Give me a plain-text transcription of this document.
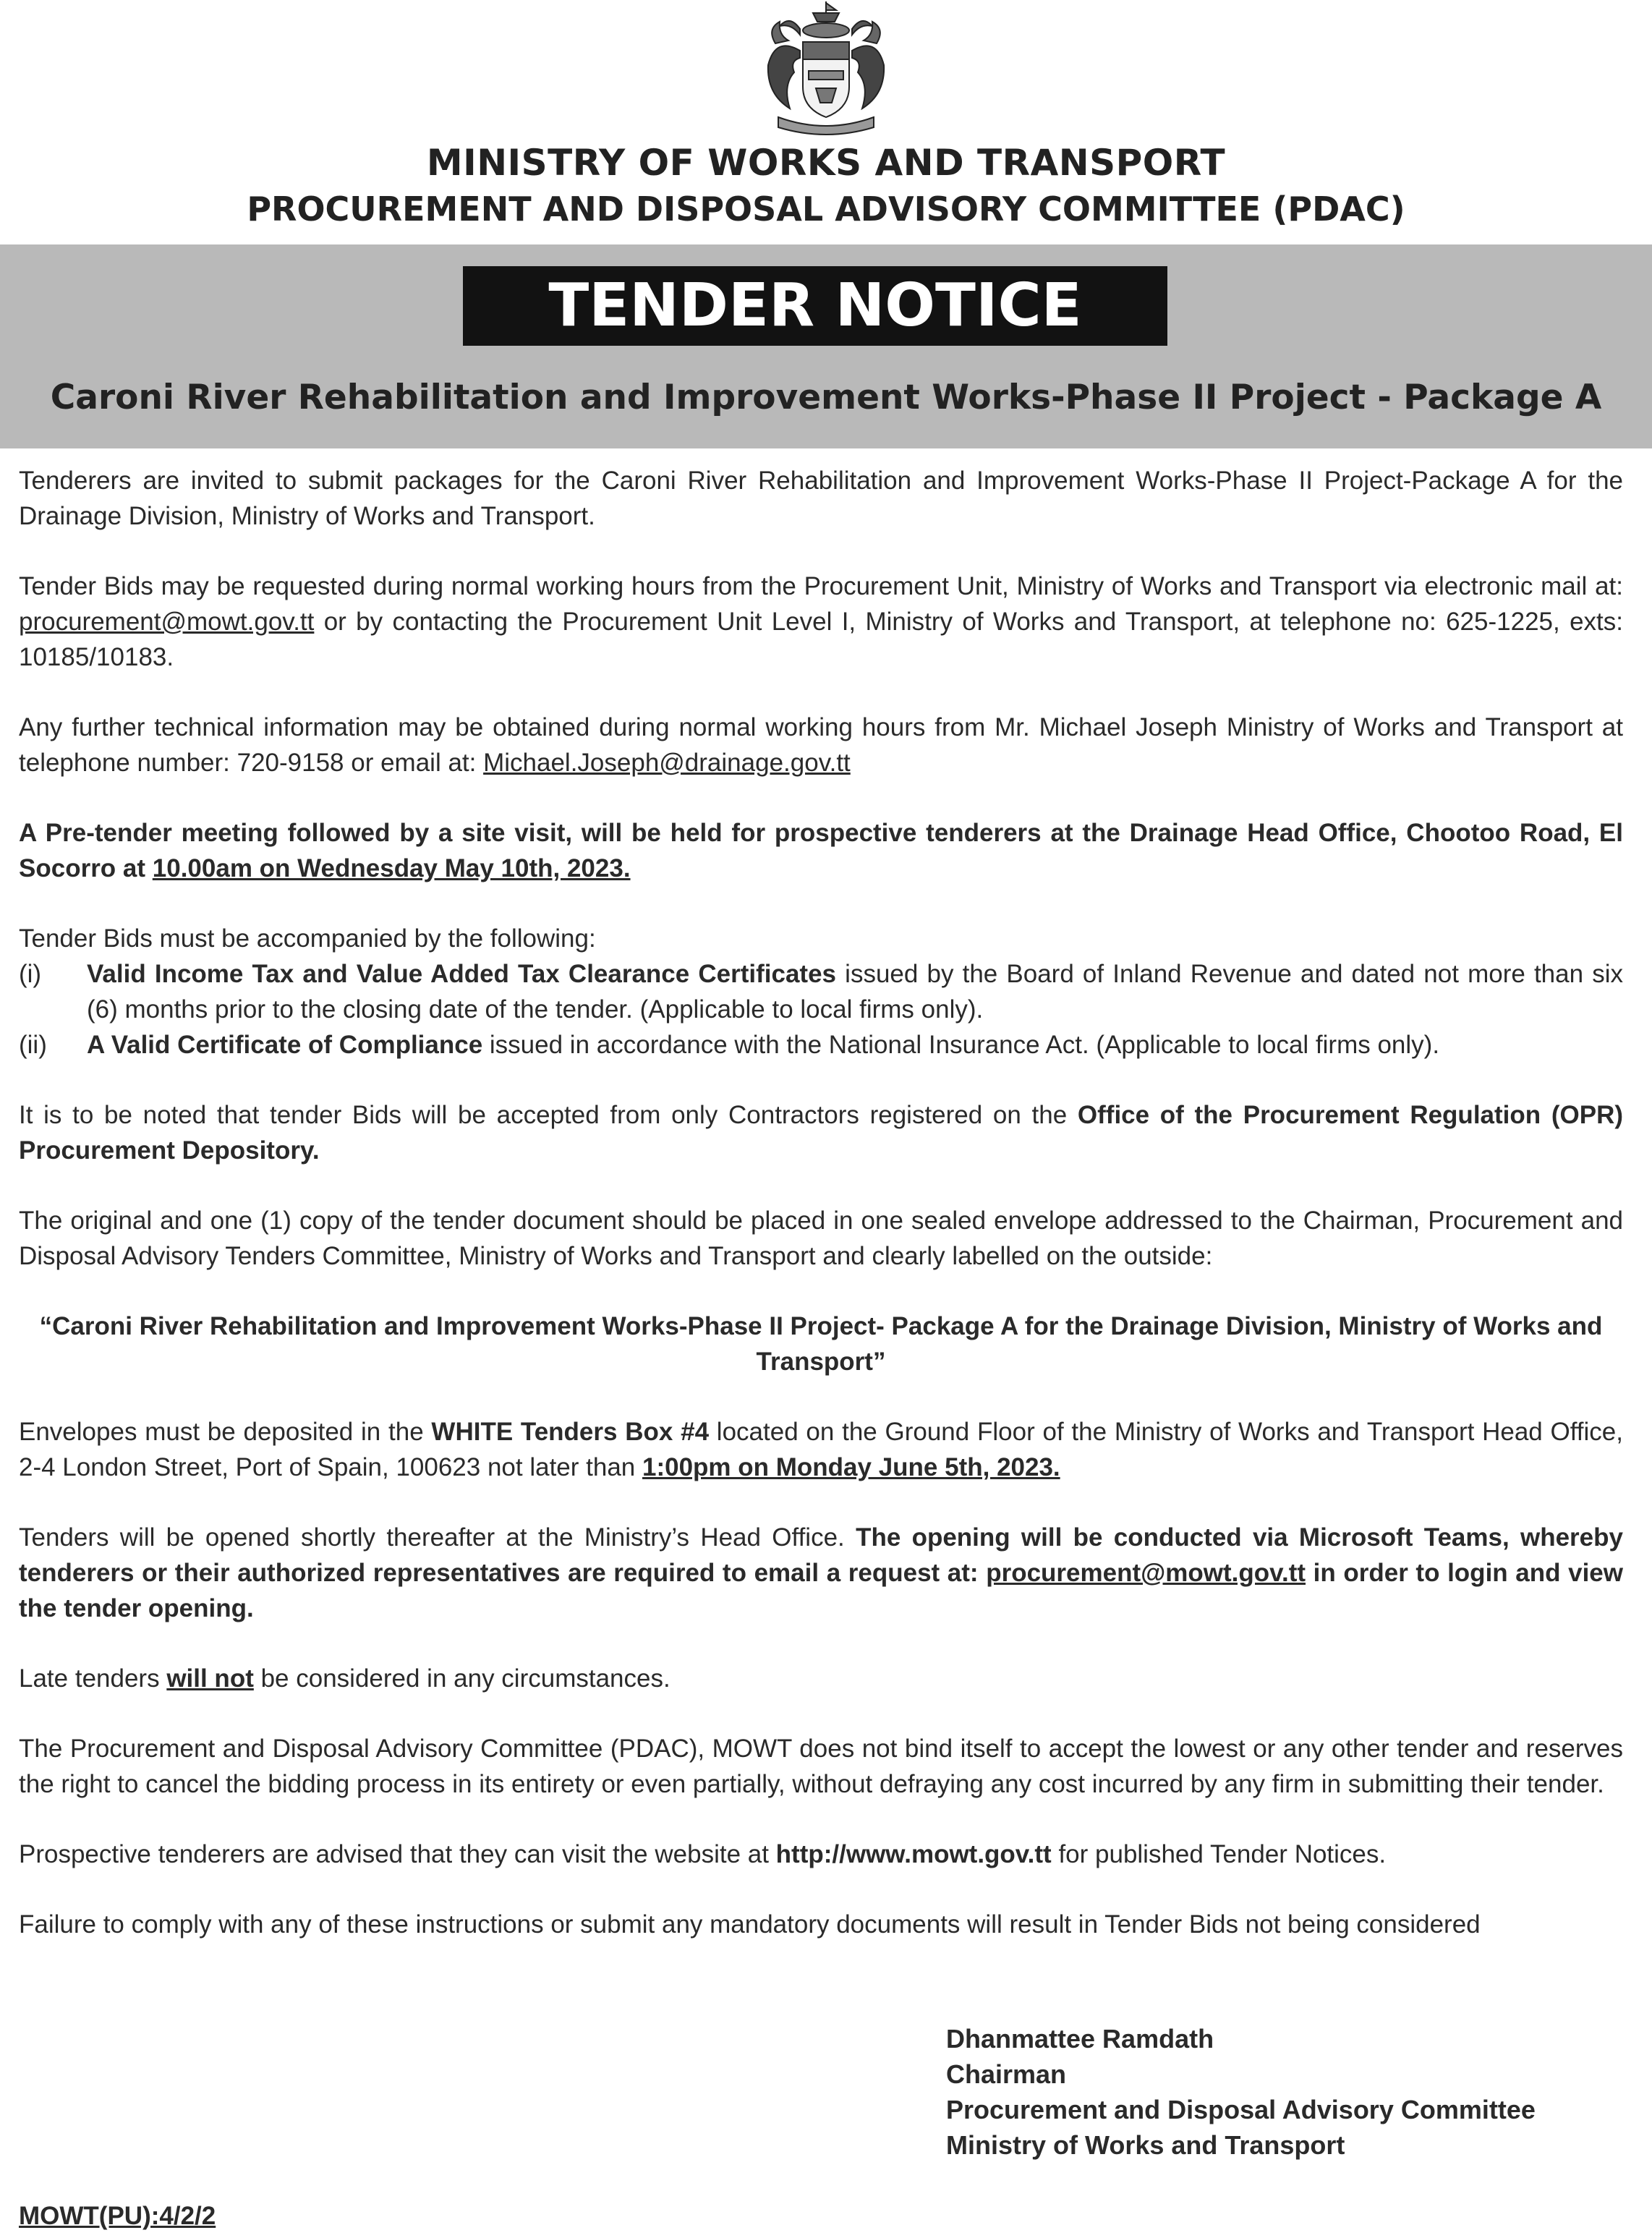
MINISTRY OF WORKS AND TRANSPORT
PROCUREMENT AND DISPOSAL ADVISORY COMMITTEE (PDAC)
TENDER NOTICE
Caroni River Rehabilitation and Improvement Works-Phase II Project - Package A

Tenderers are invited to submit packages for the Caroni River Rehabilitation and Improvement Works-Phase II Project-Package A for the Drainage Division, Ministry of Works and Transport.

Tender Bids may be requested during normal working hours from the Procurement Unit, Ministry of Works and Transport via electronic mail at: procurement@mowt.gov.tt or by contacting the Procurement Unit Level I, Ministry of Works and Transport, at telephone no: 625-1225, exts: 10185/10183.

Any further technical information may be obtained during normal working hours from Mr. Michael Joseph Ministry of Works and Transport at telephone number: 720-9158 or email at: Michael.Joseph@drainage.gov.tt

A Pre-tender meeting followed by a site visit, will be held for prospective tenderers at the Drainage Head Office, Chootoo Road, El Socorro at 10.00am on Wednesday May 10th, 2023.

Tender Bids must be accompanied by the following:
(i)	Valid Income Tax and Value Added Tax Clearance Certificates issued by the Board of Inland Revenue and dated not more than six (6) months prior to the closing date of the tender. (Applicable to local firms only).
(ii)	A Valid Certificate of Compliance issued in accordance with the National Insurance Act. (Applicable to local firms only).

It is to be noted that tender Bids will be accepted from only Contractors registered on the Office of the Procurement Regulation (OPR) Procurement Depository.

The original and one (1) copy of the tender document should be placed in one sealed envelope addressed to the Chairman, Procurement and Disposal Advisory Tenders Committee, Ministry of Works and Transport and clearly labelled on the outside:

“Caroni River Rehabilitation and Improvement Works-Phase II Project- Package A for the Drainage Division, Ministry of Works and Transport”

Envelopes must be deposited in the WHITE Tenders Box #4 located on the Ground Floor of the Ministry of Works and Transport Head Office, 2-4 London Street, Port of Spain, 100623 not later than 1:00pm on Monday June 5th, 2023.

Tenders will be opened shortly thereafter at the Ministry’s Head Office. The opening will be conducted via Microsoft Teams, whereby tenderers or their authorized representatives are required to email a request at: procurement@mowt.gov.tt in order to login and view the tender opening.

Late tenders will not be considered in any circumstances.

The Procurement and Disposal Advisory Committee (PDAC), MOWT does not bind itself to accept the lowest or any other tender and reserves the right to cancel the bidding process in its entirety or even partially, without defraying any cost incurred by any firm in submitting their tender.

Prospective tenderers are advised that they can visit the website at http://www.mowt.gov.tt for published Tender Notices.

Failure to comply with any of these instructions or submit any mandatory documents will result in Tender Bids not being considered

Dhanmattee Ramdath
Chairman
Procurement and Disposal Advisory Committee
Ministry of Works and Transport
MOWT(PU):4/2/2
